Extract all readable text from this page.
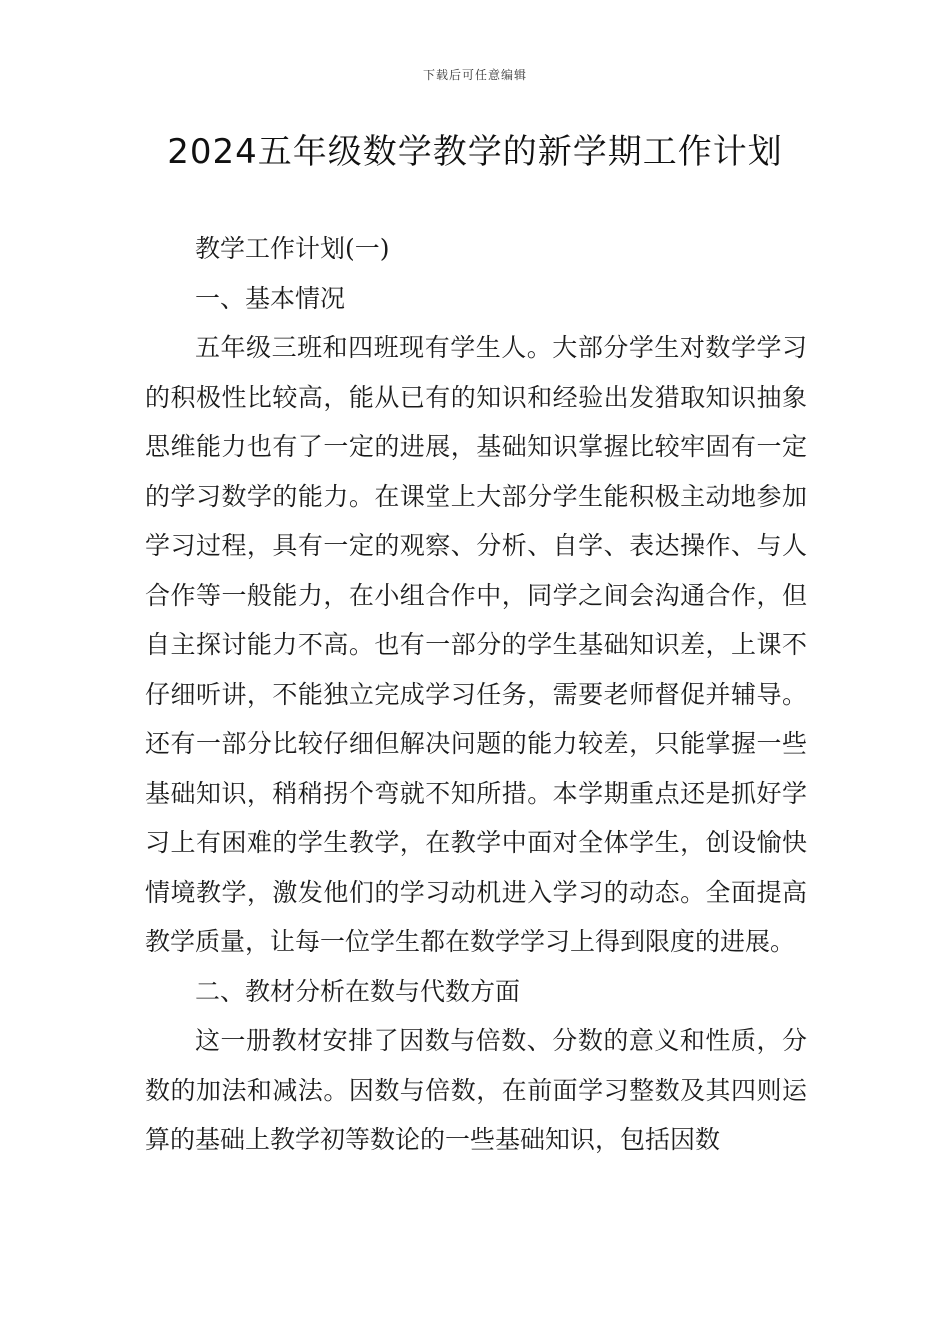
下载后可任意编辑
2024五年级数学教学的新学期工作计划

教学工作计划(一)

一、基本情况

五年级三班和四班现有学生人。大部分学生对数学学习的积极性比较高，能从已有的知识和经验出发猎取知识抽象思维能力也有了一定的进展，基础知识掌握比较牢固有一定的学习数学的能力。在课堂上大部分学生能积极主动地参加学习过程，具有一定的观察、分析、自学、表达操作、与人合作等一般能力，在小组合作中，同学之间会沟通合作，但自主探讨能力不高。也有一部分的学生基础知识差，上课不仔细听讲，不能独立完成学习任务，需要老师督促并辅导。还有一部分比较仔细但解决问题的能力较差，只能掌握一些基础知识，稍稍拐个弯就不知所措。本学期重点还是抓好学习上有困难的学生教学，在教学中面对全体学生，创设愉快情境教学，激发他们的学习动机进入学习的动态。全面提高教学质量，让每一位学生都在数学学习上得到限度的进展。

二、教材分析在数与代数方面

这一册教材安排了因数与倍数、分数的意义和性质，分数的加法和减法。因数与倍数，在前面学习整数及其四则运算的基础上教学初等数论的一些基础知识，包括因数
